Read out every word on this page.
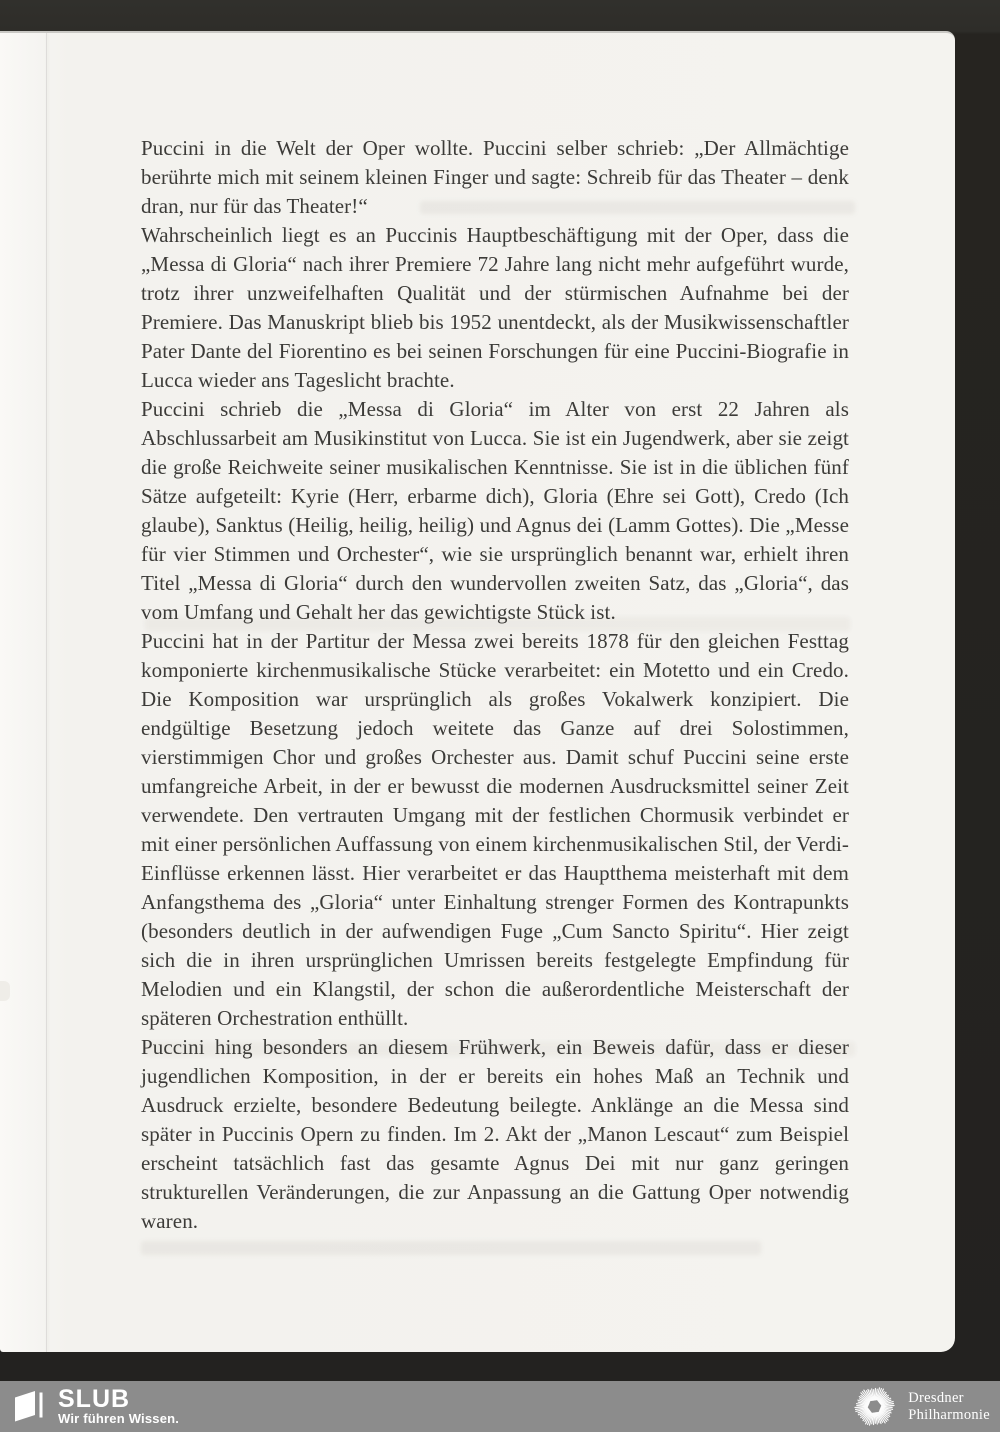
Puccini in die Welt der Oper wollte. Puccini selber schrieb: „Der Allmächtige berührte mich mit seinem kleinen Finger und sagte: Schreib für das Theater – denk dran, nur für das Theater!“

Wahrscheinlich liegt es an Puccinis Hauptbeschäftigung mit der Oper, dass die „Messa di Gloria“ nach ihrer Premiere 72 Jahre lang nicht mehr aufgeführt wurde, trotz ihrer unzweifelhaften Qualität und der stürmischen Aufnahme bei der Premiere. Das Manuskript blieb bis 1952 unentdeckt, als der Musikwissenschaftler Pater Dante del Fiorentino es bei seinen Forschungen für eine Puccini-Biografie in Lucca wieder ans Tageslicht brachte.

Puccini schrieb die „Messa di Gloria“ im Alter von erst 22 Jahren als Abschlussarbeit am Musikinstitut von Lucca. Sie ist ein Jugendwerk, aber sie zeigt die große Reichweite seiner musikalischen Kenntnisse. Sie ist in die üblichen fünf Sätze aufgeteilt: Kyrie (Herr, erbarme dich), Gloria (Ehre sei Gott), Credo (Ich glaube), Sanktus (Heilig, heilig, heilig) und Agnus dei (Lamm Gottes). Die „Messe für vier Stimmen und Orchester“, wie sie ursprünglich benannt war, erhielt ihren Titel „Messa di Gloria“ durch den wundervollen zweiten Satz, das „Gloria“, das vom Umfang und Gehalt her das gewichtigste Stück ist.

Puccini hat in der Partitur der Messa zwei bereits 1878 für den gleichen Festtag komponierte kirchenmusikalische Stücke verarbeitet: ein Motetto und ein Credo. Die Komposition war ursprünglich als großes Vokalwerk konzipiert. Die endgültige Besetzung jedoch weitete das Ganze auf drei Solostimmen, vierstimmigen Chor und großes Orchester aus. Damit schuf Puccini seine erste umfangreiche Arbeit, in der er bewusst die modernen Ausdrucksmittel seiner Zeit verwendete. Den vertrauten Umgang mit der festlichen Chormusik verbindet er mit einer persönlichen Auffassung von einem kirchenmusikalischen Stil, der Verdi-Einflüsse erkennen lässt. Hier verarbeitet er das Hauptthema meisterhaft mit dem Anfangsthema des „Gloria“ unter Einhaltung strenger Formen des Kontrapunkts (besonders deutlich in der aufwendigen Fuge „Cum Sancto Spiritu“. Hier zeigt sich die in ihren ursprünglichen Umrissen bereits festgelegte Empfindung für Melodien und ein Klangstil, der schon die außerordentliche Meisterschaft der späteren Orchestration enthüllt.

Puccini hing besonders an diesem Frühwerk, ein Beweis dafür, dass er dieser jugendlichen Komposition, in der er bereits ein hohes Maß an Technik und Ausdruck erzielte, besondere Bedeutung beilegte. Anklänge an die Messa sind später in Puccinis Opern zu finden. Im 2. Akt der „Manon Lescaut“ zum Beispiel erscheint tatsächlich fast das gesamte Agnus Dei mit nur ganz geringen strukturellen Veränderungen, die zur Anpassung an die Gattung Oper notwendig waren.

SLUB
Wir führen Wissen.
Dresdner
Philharmonie
